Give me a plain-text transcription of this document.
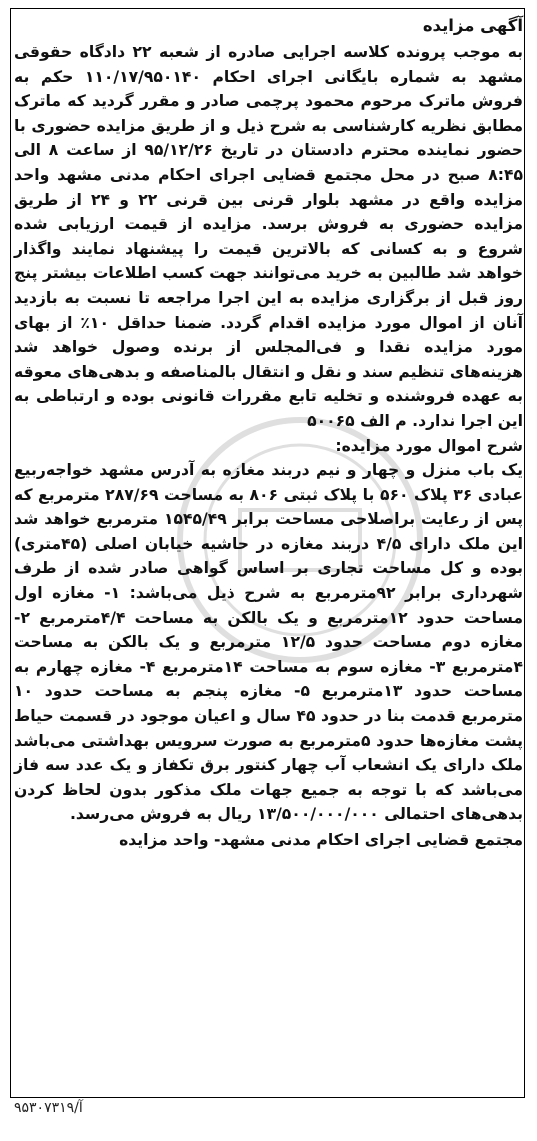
آگهی مزایده

به موجب پرونده کلاسه اجرایی صادره از شعبه ۲۲ دادگاه حقوقی مشهد به شماره بایگانی اجرای احکام ۱۱۰/۱۷/۹۵۰۱۴۰ حکم به فروش ماترک مرحوم محمود پرچمی صادر و مقرر گردید که ماترک مطابق نظریه کارشناسی به شرح ذیل و از طریق مزایده حضوری با حضور نماینده محترم دادستان در تاریخ ۹۵/۱۲/۲۶ از ساعت ۸ الی ۸:۴۵ صبح در محل مجتمع قضایی اجرای احکام مدنی مشهد واحد مزایده واقع در مشهد بلوار قرنی بین قرنی ۲۲ و ۲۴ از طریق مزایده حضوری به فروش برسد. مزایده از قیمت ارزیابی شده شروع و به کسانی که بالاترین قیمت را پیشنهاد نمایند واگذار خواهد شد طالبین به خرید می‌توانند جهت کسب اطلاعات بیشتر پنج روز قبل از برگزاری مزایده به این اجرا مراجعه تا نسبت به بازدید آنان از اموال مورد مزایده اقدام گردد. ضمنا حداقل ۱۰٪ از بهای مورد مزایده نقدا و فی‌المجلس از برنده وصول خواهد شد هزینه‌های تنظیم سند و نقل و انتقال بالمناصفه و بدهی‌های معوقه به عهده فروشنده و تخلیه تابع مقررات قانونی بوده و ارتباطی به این اجرا ندارد. م الف ۵۰۰۶۵

شرح اموال مورد مزایده:

یک باب منزل و چهار و نیم دربند مغازه به آدرس مشهد خواجه‌ربیع عبادی ۳۶ پلاک ۵۶۰ با پلاک ثبتی ۸۰۶ به مساحت ۲۸۷/۶۹ مترمربع که پس از رعایت براصلاحی مساحت برابر ۱۵۴۵/۴۹ مترمربع خواهد شد این ملک دارای ۴/۵ دربند مغازه در حاشیه خیابان اصلی (۴۵متری) بوده و کل مساحت تجاری بر اساس گواهی صادر شده از طرف شهرداری برابر ۹۲مترمربع به شرح ذیل می‌باشد: ۱- مغازه اول مساحت حدود ۱۲مترمربع و یک بالکن به مساحت ۴/۴مترمربع ۲- مغازه دوم مساحت حدود ۱۲/۵ مترمربع و یک بالکن به مساحت ۴مترمربع ۳- مغازه سوم به مساحت ۱۴مترمربع ۴- مغازه چهارم به مساحت حدود ۱۳مترمربع ۵- مغازه پنجم به مساحت حدود ۱۰ مترمربع قدمت بنا در حدود ۴۵ سال و اعیان موجود در قسمت حیاط پشت مغازه‌ها حدود ۵مترمربع به صورت سرویس بهداشتی می‌باشد ملک دارای یک انشعاب آب چهار کنتور برق تکفاز و یک عدد سه فاز می‌باشد که با توجه به جمیع جهات ملک مذکور بدون لحاظ کردن بدهی‌های احتمالی ۱۳/۵۰۰/۰۰۰/۰۰۰ ریال به فروش می‌رسد.

مجتمع قضایی اجرای احکام مدنی مشهد- واحد مزایده

آ/۹۵۳۰۷۳۱۹
